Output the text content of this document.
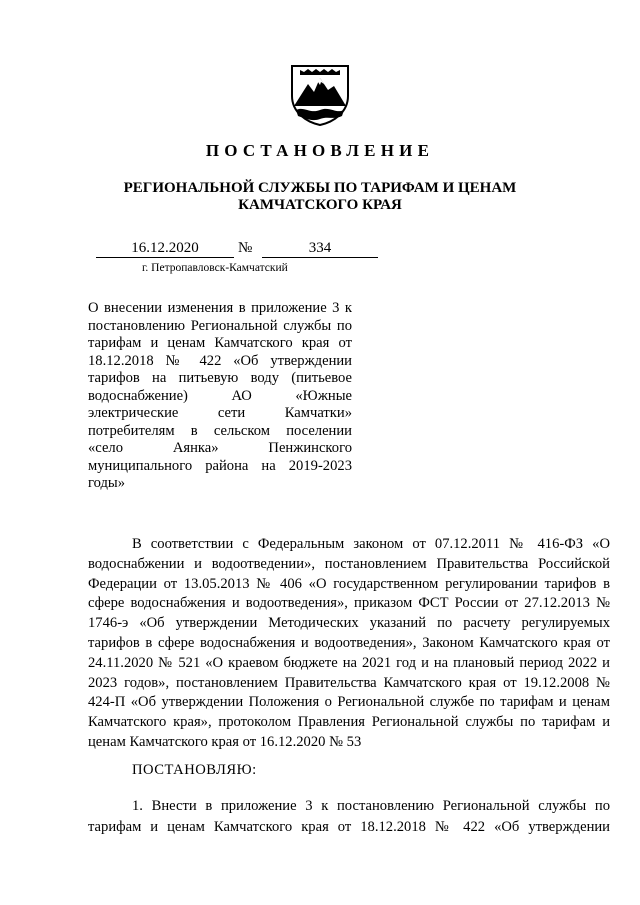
ПОСТАНОВЛЕНИЕ
РЕГИОНАЛЬНОЙ СЛУЖБЫ ПО ТАРИФАМ И ЦЕНАМ
КАМЧАТСКОГО КРАЯ
16.12.2020	№	334
г. Петропавловск-Камчатский
О внесении изменения в приложение 3 к постановлению Региональной службы по тарифам и ценам Камчатского края от 18.12.2018 № 422 «Об утверждении тарифов на питьевую воду (питьевое водоснабжение) АО «Южные электрические сети Камчатки» потребителям в сельском поселении «село Аянка» Пенжинского муниципального района на 2019-2023 годы»
В соответствии с Федеральным законом от 07.12.2011 № 416-ФЗ «О водоснабжении и водоотведении», постановлением Правительства Российской Федерации от 13.05.2013 № 406 «О государственном регулировании тарифов в сфере водоснабжения и водоотведения», приказом ФСТ России от 27.12.2013 № 1746-э «Об утверждении Методических указаний по расчету регулируемых тарифов в сфере водоснабжения и водоотведения», Законом Камчатского края от 24.11.2020 № 521 «О краевом бюджете на 2021 год и на плановый период 2022 и 2023 годов», постановлением Правительства Камчатского края от 19.12.2008 № 424-П «Об утверждении Положения о Региональной службе по тарифам и ценам Камчатского края», протоколом Правления Региональной службы по тарифам и ценам Камчатского края от 16.12.2020 № 53
ПОСТАНОВЛЯЮ:
1. Внести в приложение 3 к постановлению Региональной службы по тарифам и ценам Камчатского края от 18.12.2018 № 422 «Об утверждении
